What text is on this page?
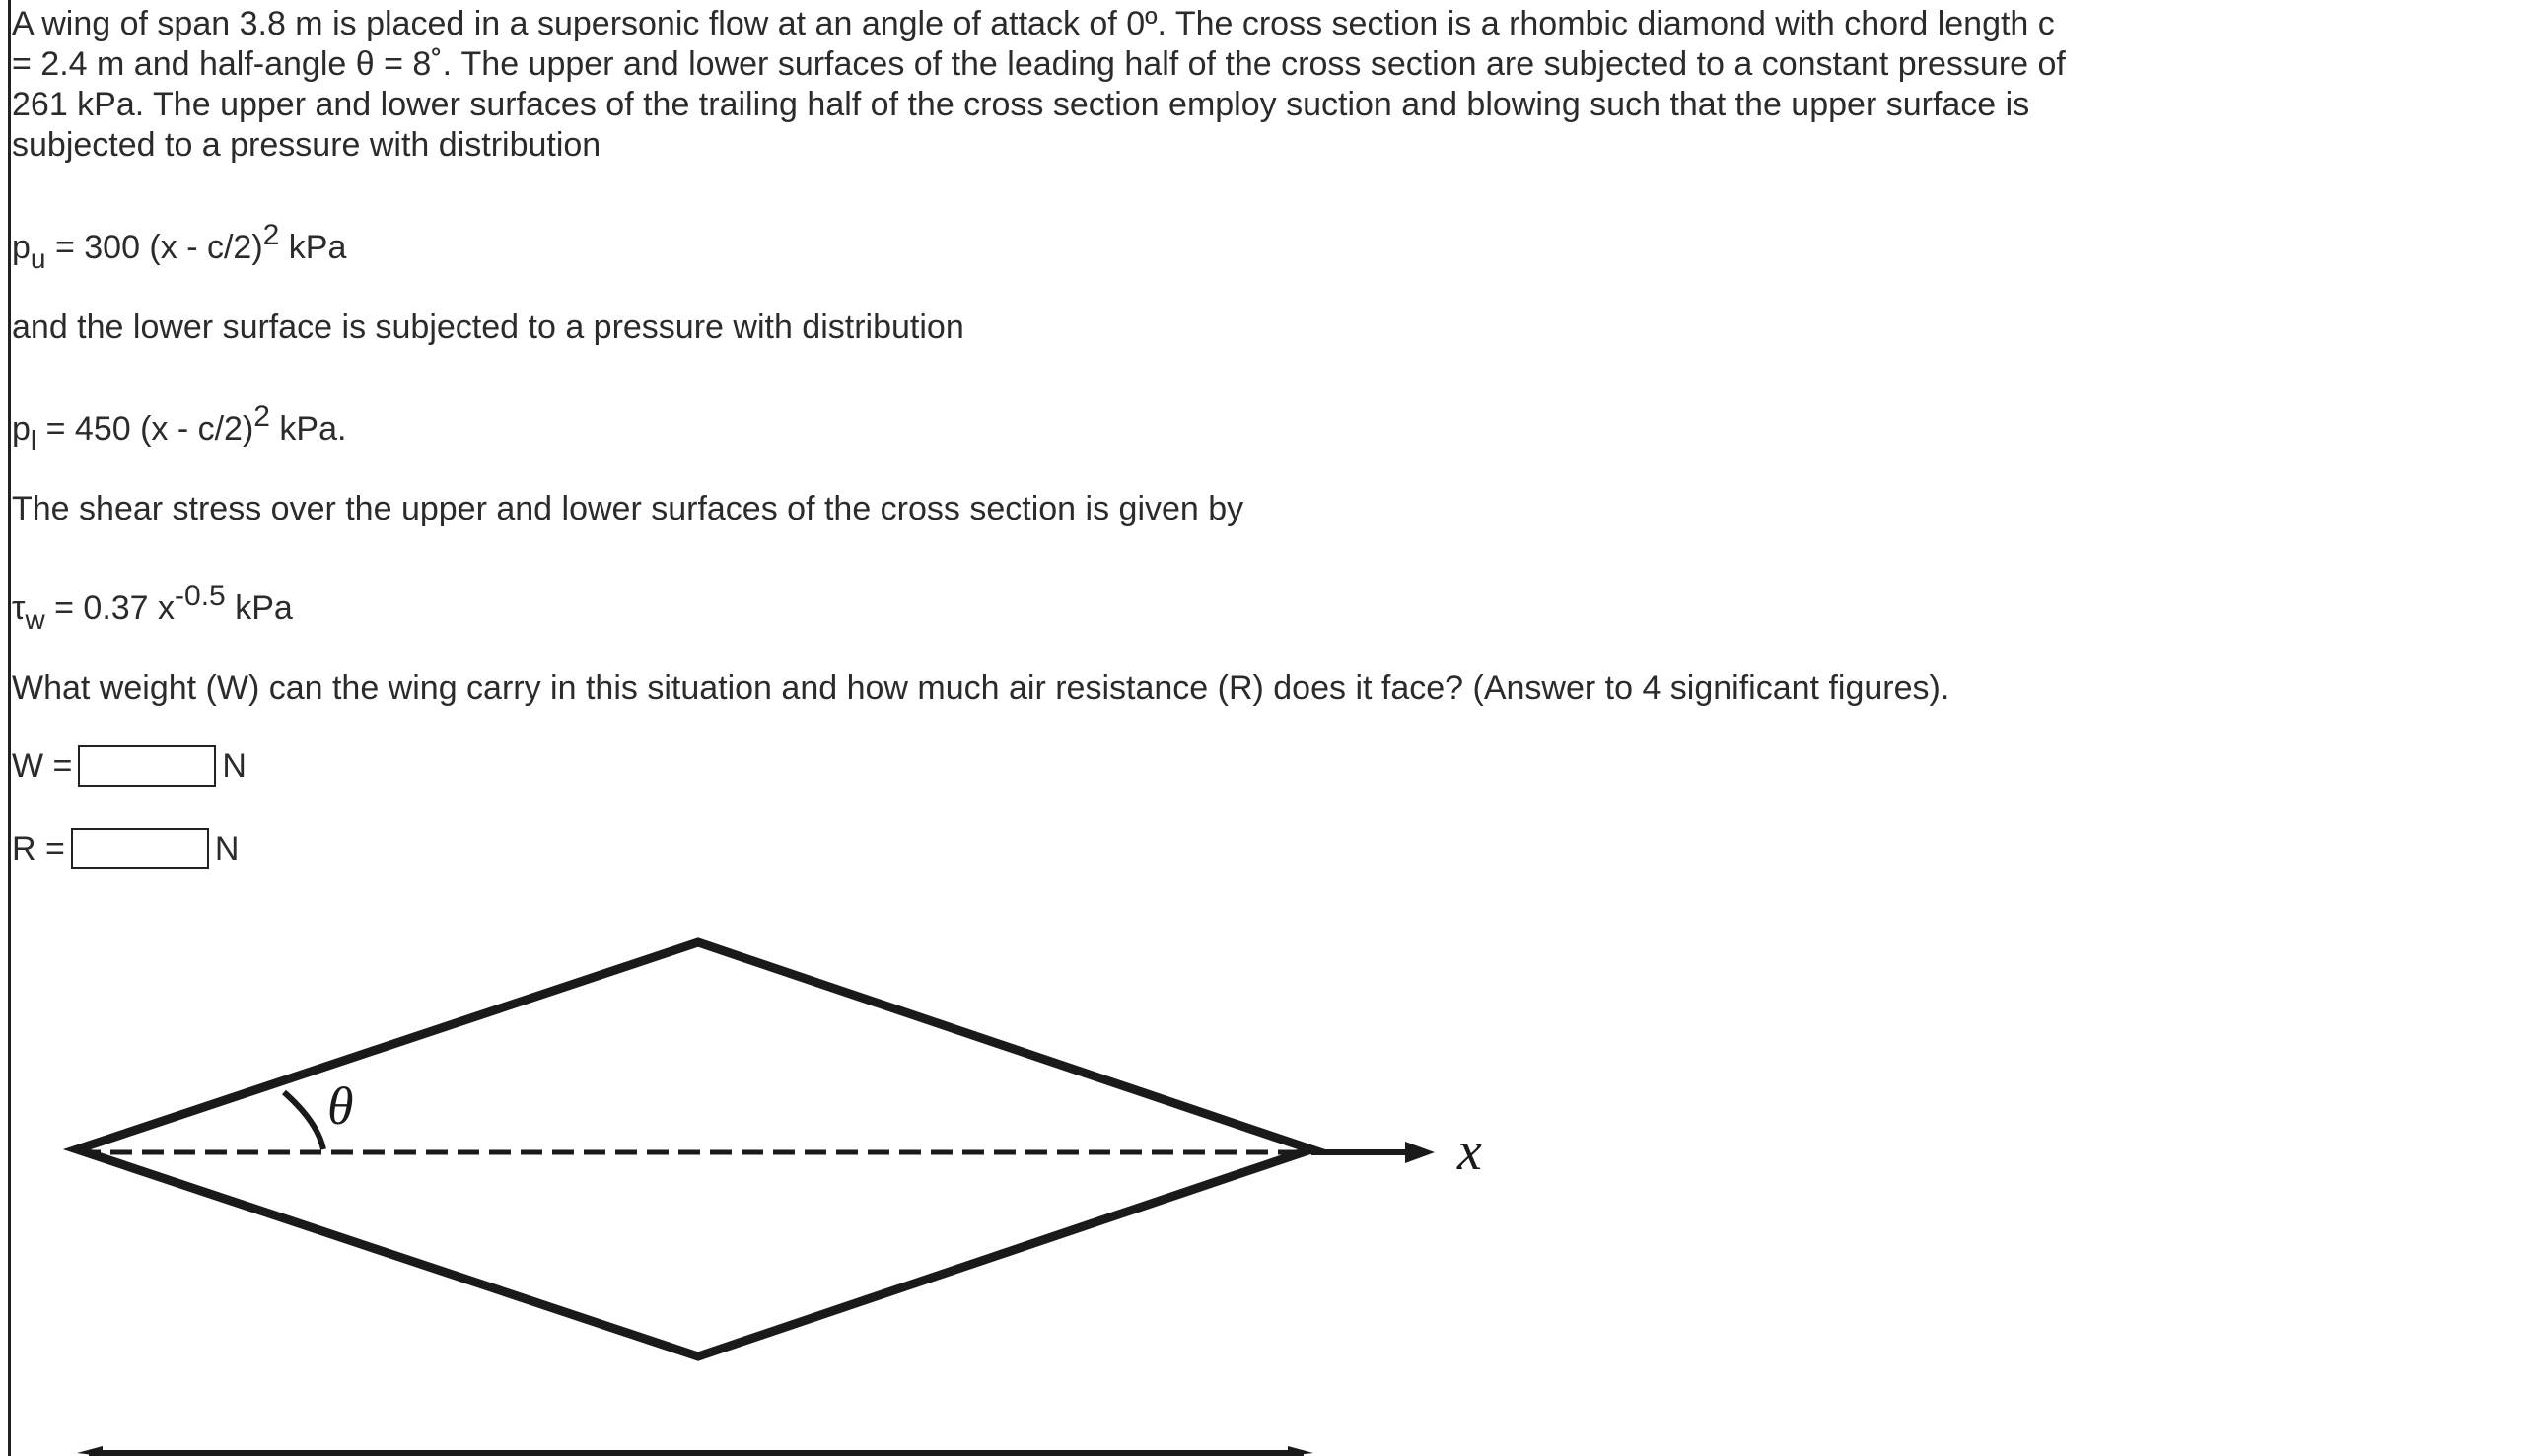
A wing of span 3.8 m is placed in a supersonic flow at an angle of attack of 0º. The cross section is a rhombic diamond with chord length c = 2.4 m and half-angle θ = 8˚. The upper and lower surfaces of the leading half of the cross section are subjected to a constant pressure of 261 kPa. The upper and lower surfaces of the trailing half of the cross section employ suction and blowing such that the upper surface is subjected to a pressure with distribution

$p_u = 300$ (x - c/2)$^2$ kPa

and the lower surface is subjected to a pressure with distribution

$p_l = 450$ (x - c/2)$^2$ kPa.

The shear stress over the upper and lower surfaces of the cross section is given by

$\tau_w = 0.37$ $x^{-0.5}$ kPa

What weight (W) can the wing carry in this situation and how much air resistance (R) does it face? (Answer to 4 significant figures).

W =	N
R =	N
θ
x
